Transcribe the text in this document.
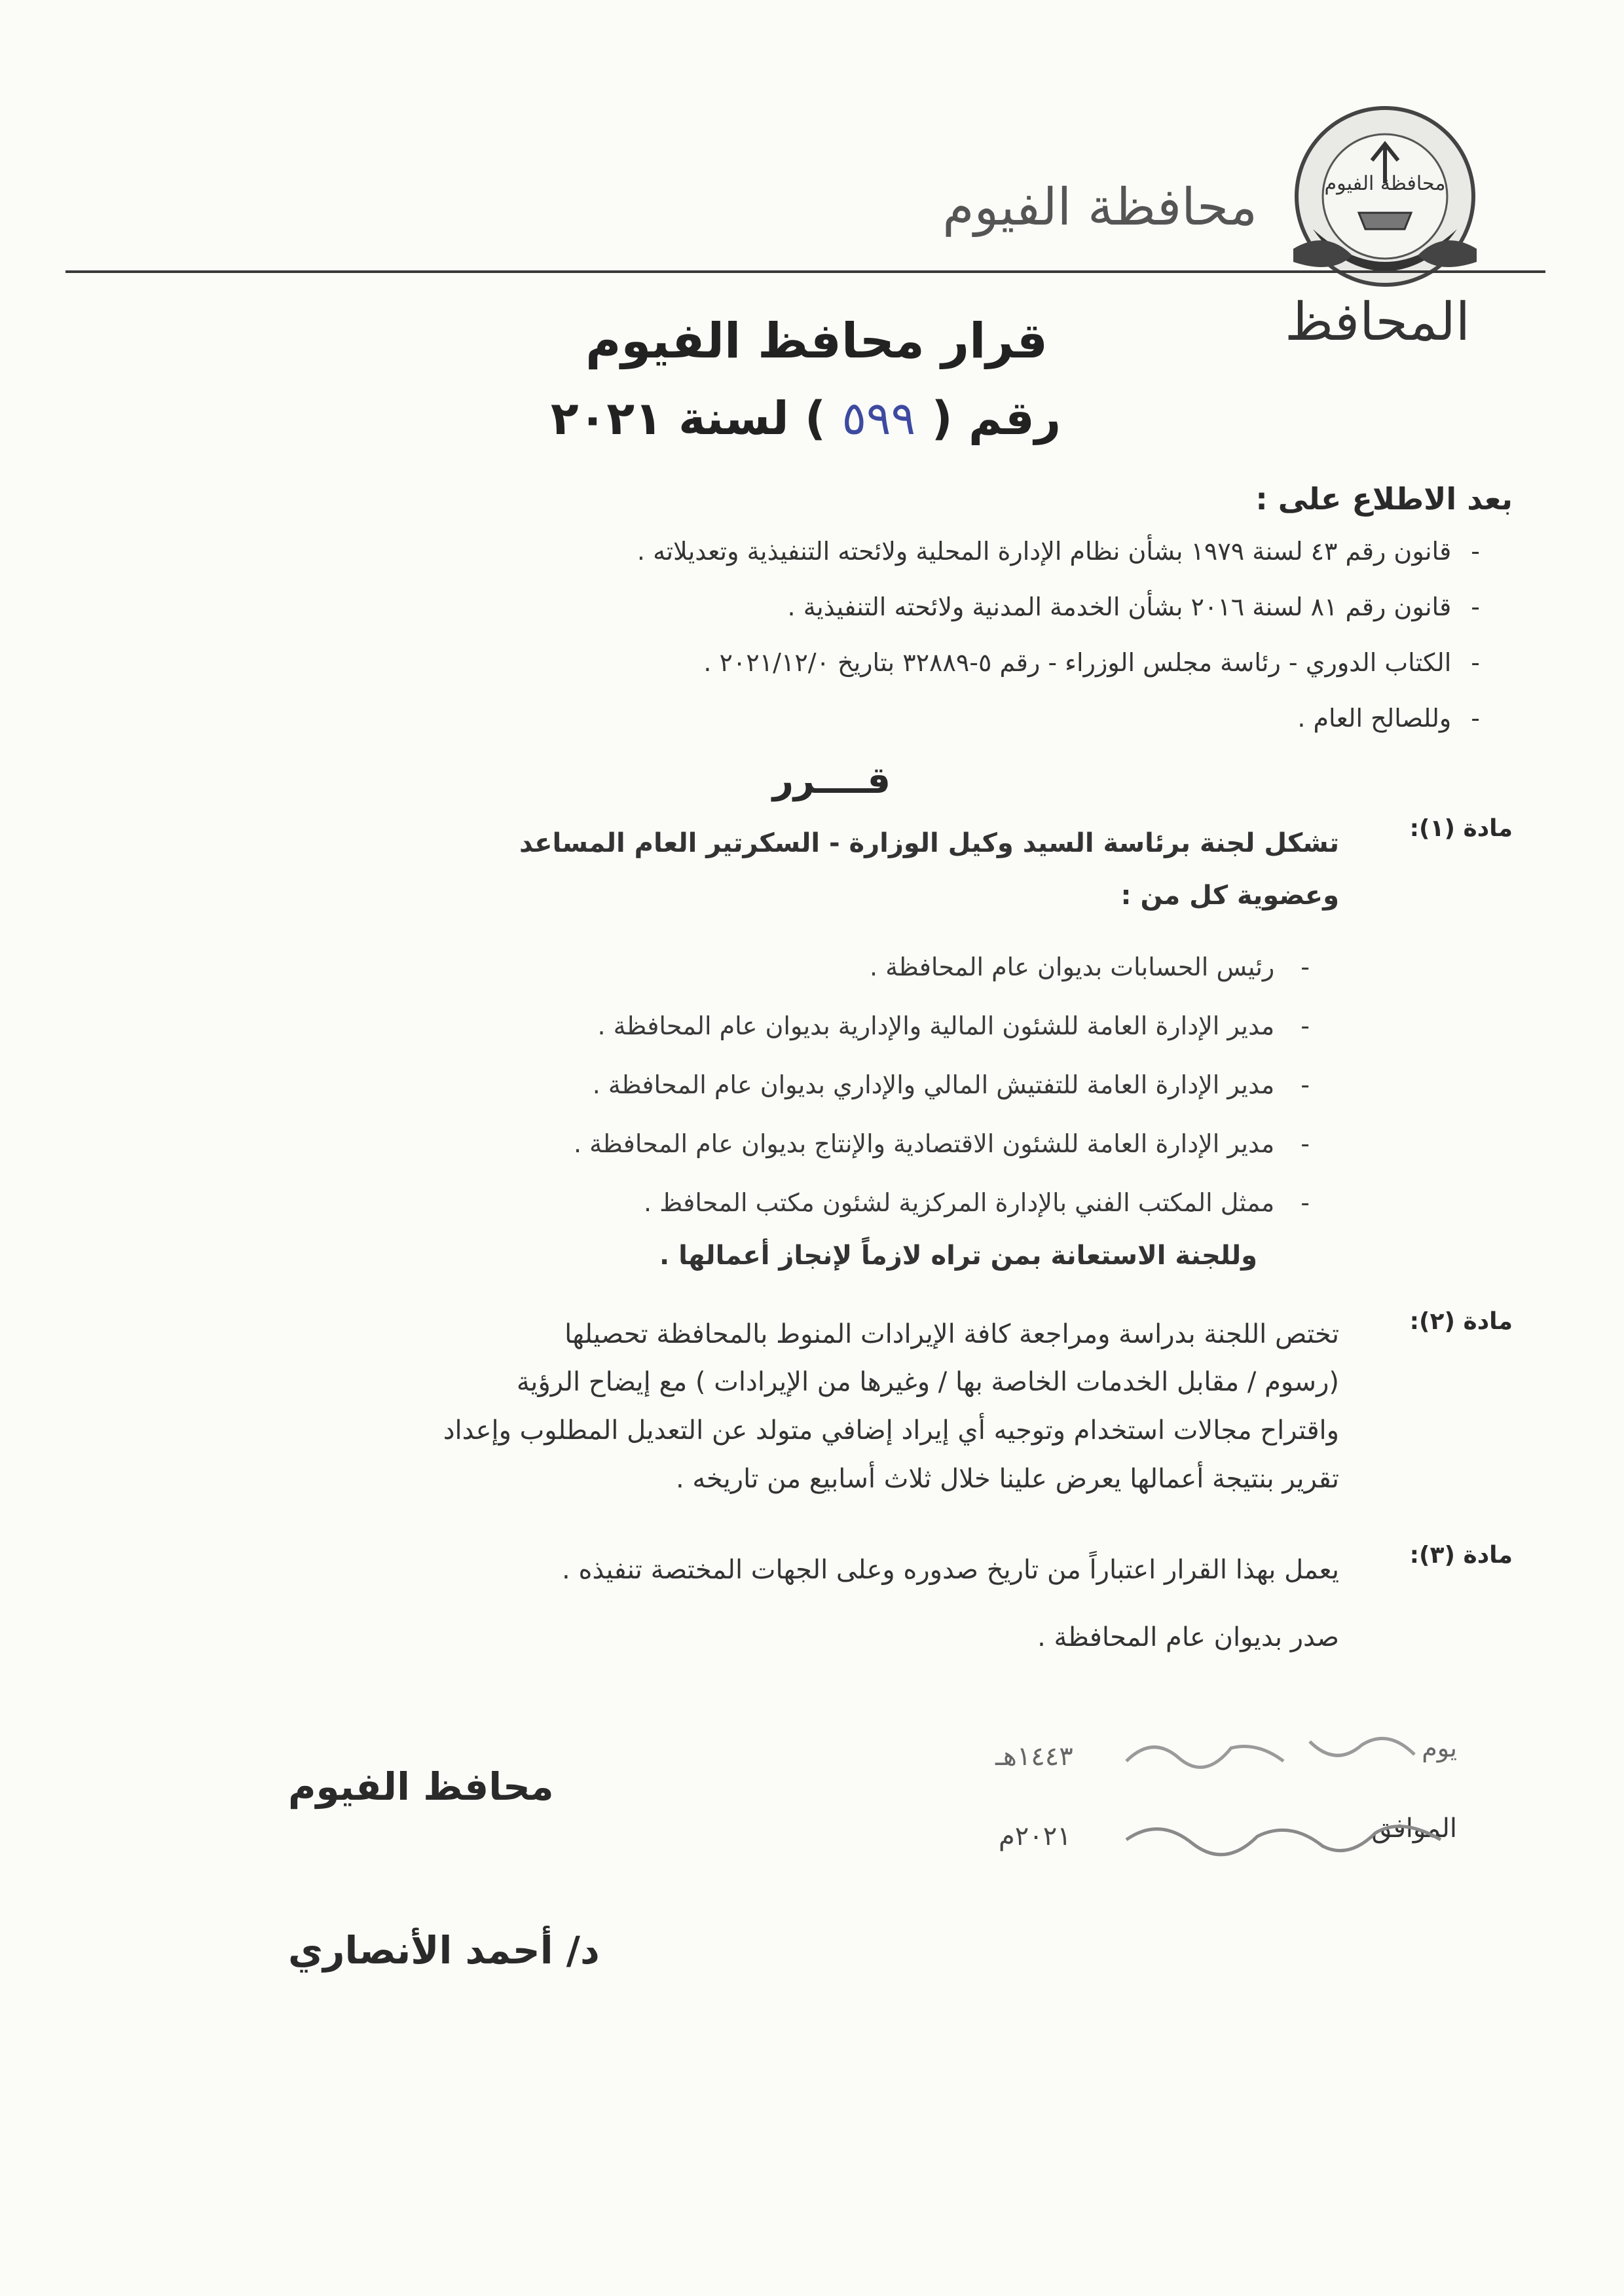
محافظة الفيوم
محافظة الفيوم
المحافظ
قرار محافظ الفيوم
رقم ( ٥٩٩ ) لسنة ٢٠٢١
بعد الاطلاع على :
- قانون رقم ٤٣ لسنة ١٩٧٩ بشأن نظام الإدارة المحلية ولائحته التنفيذية وتعديلاته .
- قانون رقم ٨١ لسنة ٢٠١٦ بشأن الخدمة المدنية ولائحته التنفيذية .
- الكتاب الدوري - رئاسة مجلس الوزراء - رقم ٥-٣٢٨٨٩ بتاريخ ٢٠٢١/١٢/٠ .
- وللصالح العام .
قــــرر
مادة (١):
تشكل لجنة برئاسة السيد وكيل الوزارة - السكرتير العام المساعد
وعضوية كل من :
- رئيس الحسابات بديوان عام المحافظة .
- مدير الإدارة العامة للشئون المالية والإدارية بديوان عام المحافظة .
- مدير الإدارة العامة للتفتيش المالي والإداري بديوان عام المحافظة .
- مدير الإدارة العامة للشئون الاقتصادية والإنتاج بديوان عام المحافظة .
- ممثل المكتب الفني بالإدارة المركزية لشئون مكتب المحافظ .
وللجنة الاستعانة بمن تراه لازماً لإنجاز أعمالها .
مادة (٢):
تختص اللجنة بدراسة ومراجعة كافة الإيرادات المنوط بالمحافظة تحصيلها
(رسوم / مقابل الخدمات الخاصة بها / وغيرها من الإيرادات ) مع إيضاح الرؤية
واقتراح مجالات استخدام وتوجيه أي إيراد إضافي متولد عن التعديل المطلوب وإعداد
تقرير بنتيجة أعمالها يعرض علينا خلال ثلاث أسابيع من تاريخه .
مادة (٣):
يعمل بهذا القرار اعتباراً من تاريخ صدوره وعلى الجهات المختصة تنفيذه .
صدر بديوان عام المحافظة .
يوم
١٤٤٣هـ
الموافق
٢٠٢١م
محافظ الفيوم
د/ أحمد الأنصاري
